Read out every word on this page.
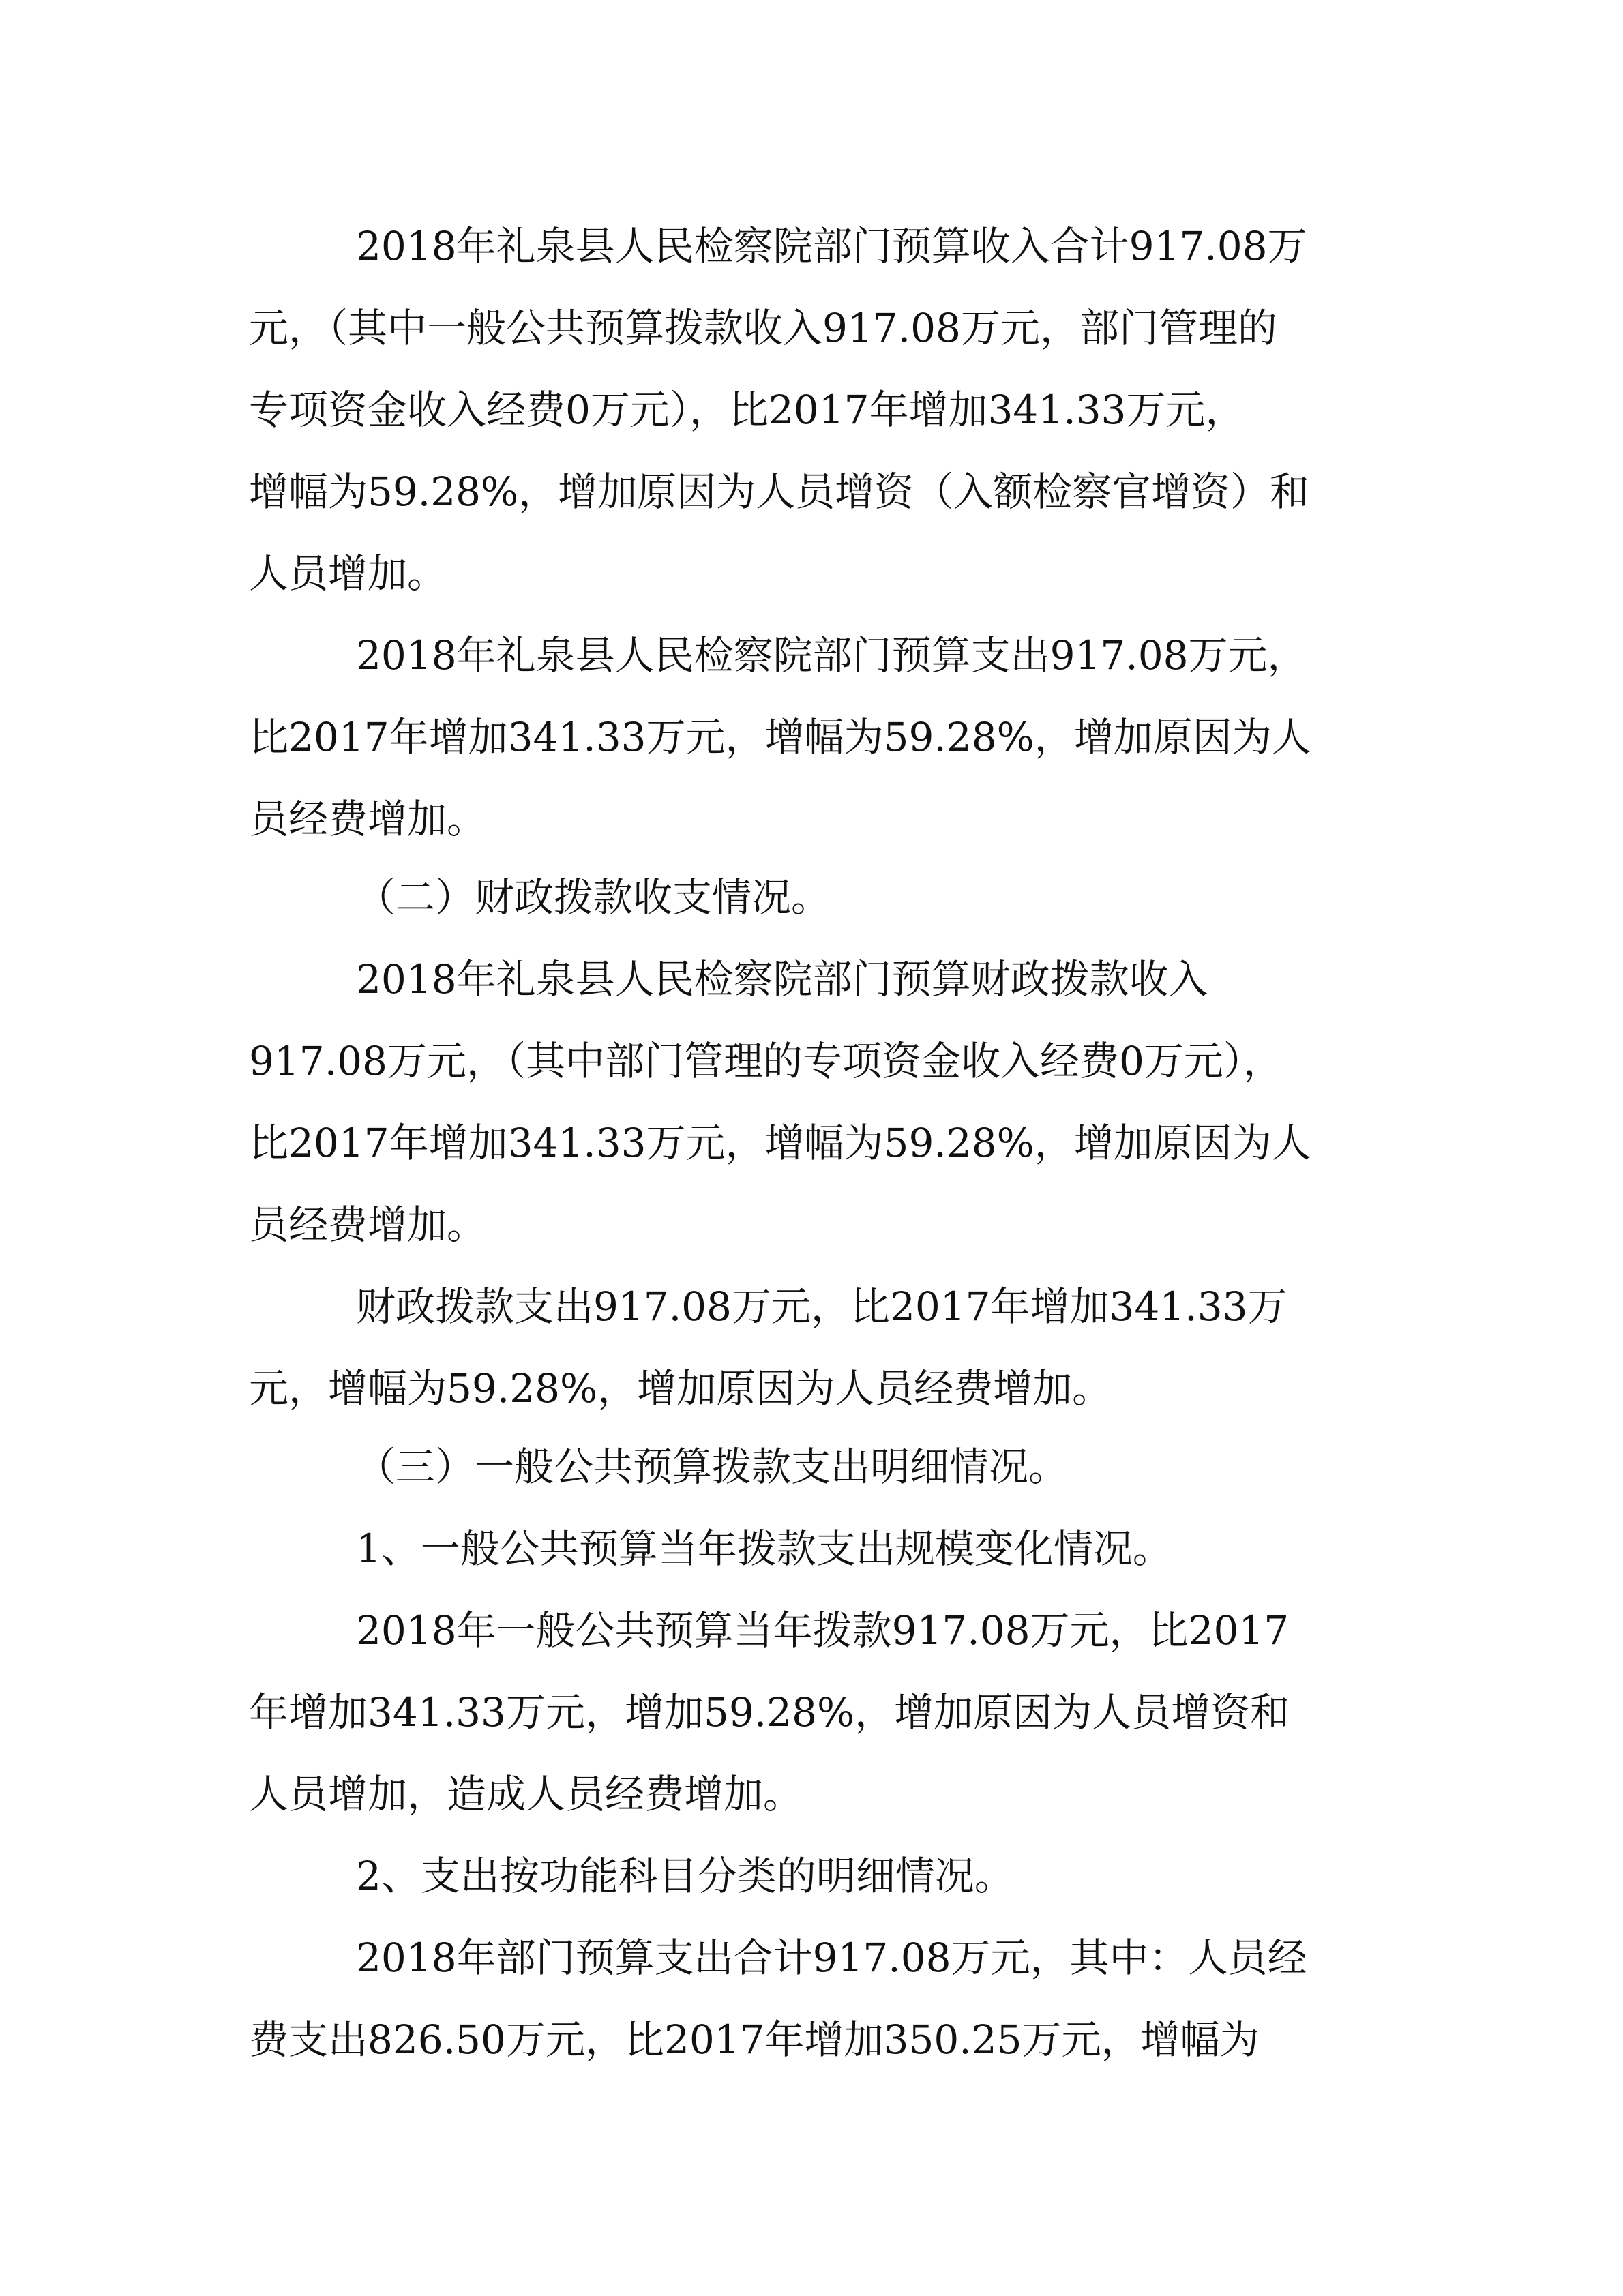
2018年礼泉县人民检察院部门预算收入合计917.08万
元，（其中一般公共预算拨款收入917.08万元，部门管理的
专项资金收入经费0万元），比2017年增加341.33万元，
增幅为59.28%，增加原因为人员增资（入额检察官增资）和
人员增加。
2018年礼泉县人民检察院部门预算支出917.08万元，
比2017年增加341.33万元，增幅为59.28%，增加原因为人
员经费增加。
（二）财政拨款收支情况。
2018年礼泉县人民检察院部门预算财政拨款收入
917.08万元，（其中部门管理的专项资金收入经费0万元），
比2017年增加341.33万元，增幅为59.28%，增加原因为人
员经费增加。
财政拨款支出917.08万元，比2017年增加341.33万
元，增幅为59.28%，增加原因为人员经费增加。
（三）一般公共预算拨款支出明细情况。
1、一般公共预算当年拨款支出规模变化情况。
2018年一般公共预算当年拨款917.08万元，比2017
年增加341.33万元，增加59.28%，增加原因为人员增资和
人员增加，造成人员经费增加。
2、支出按功能科目分类的明细情况。
2018年部门预算支出合计917.08万元，其中：人员经
费支出826.50万元，比2017年增加350.25万元，增幅为
